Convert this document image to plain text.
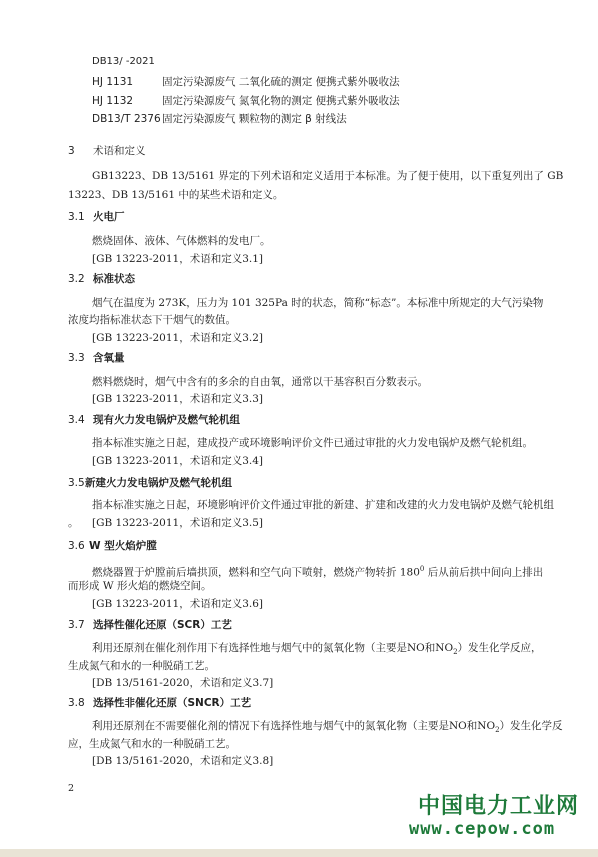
DB13/ -2021
HJ 1131	固定污染源废气 二氧化硫的测定 便携式紫外吸收法
HJ 1132	固定污染源废气 氮氧化物的测定 便携式紫外吸收法
DB13/T 2376 固定污染源废气 颗粒物的测定 β 射线法
3 术语和定义
GB13223、DB 13/5161 界定的下列术语和定义适用于本标准。为了便于使用，以下重复列出了 GB
13223、DB 13/5161 中的某些术语和定义。
3.1 火电厂
燃烧固体、液体、气体燃料的发电厂。
[GB 13223-2011，术语和定义3.1]
3.2 标准状态
烟气在温度为 273K，压力为 101 325Pa 时的状态，简称“标态”。本标准中所规定的大气污染物
浓度均指标准状态下干烟气的数值。
[GB 13223-2011，术语和定义3.2]
3.3 含氧量
燃料燃烧时，烟气中含有的多余的自由氧，通常以干基容积百分数表示。
[GB 13223-2011，术语和定义3.3]
3.4 现有火力发电锅炉及燃气轮机组
指本标准实施之日起，建成投产或环境影响评价文件已通过审批的火力发电锅炉及燃气轮机组。
[GB 13223-2011，术语和定义3.4]
3.5 新建火力发电锅炉及燃气轮机组
指本标准实施之日起，环境影响评价文件通过审批的新建、扩建和改建的火力发电锅炉及燃气轮机组
。 [GB 13223-2011，术语和定义3.5]
3.6 W 型火焰炉膛
燃烧器置于炉膛前后墙拱顶，燃料和空气向下喷射，燃烧产物转折 $180^0$ 后从前后拱中间向上排出
而形成 W 形火焰的燃烧空间。
[GB 13223-2011，术语和定义3.6]
3.7 选择性催化还原（SCR）工艺
利用还原剂在催化剂作用下有选择性地与烟气中的氮氧化物（主要是NO和$NO_2$）发生化学反应，
生成氮气和水的一种脱硝工艺。
[DB 13/5161-2020，术语和定义3.7]
3.8 选择性非催化还原（SNCR）工艺
利用还原剂在不需要催化剂的情况下有选择性地与烟气中的氮氧化物（主要是NO和$NO_2$）发生化学反
应，生成氮气和水的一种脱硝工艺。
[DB 13/5161-2020，术语和定义3.8]
2
中国电力工业网
www.cepow.com
